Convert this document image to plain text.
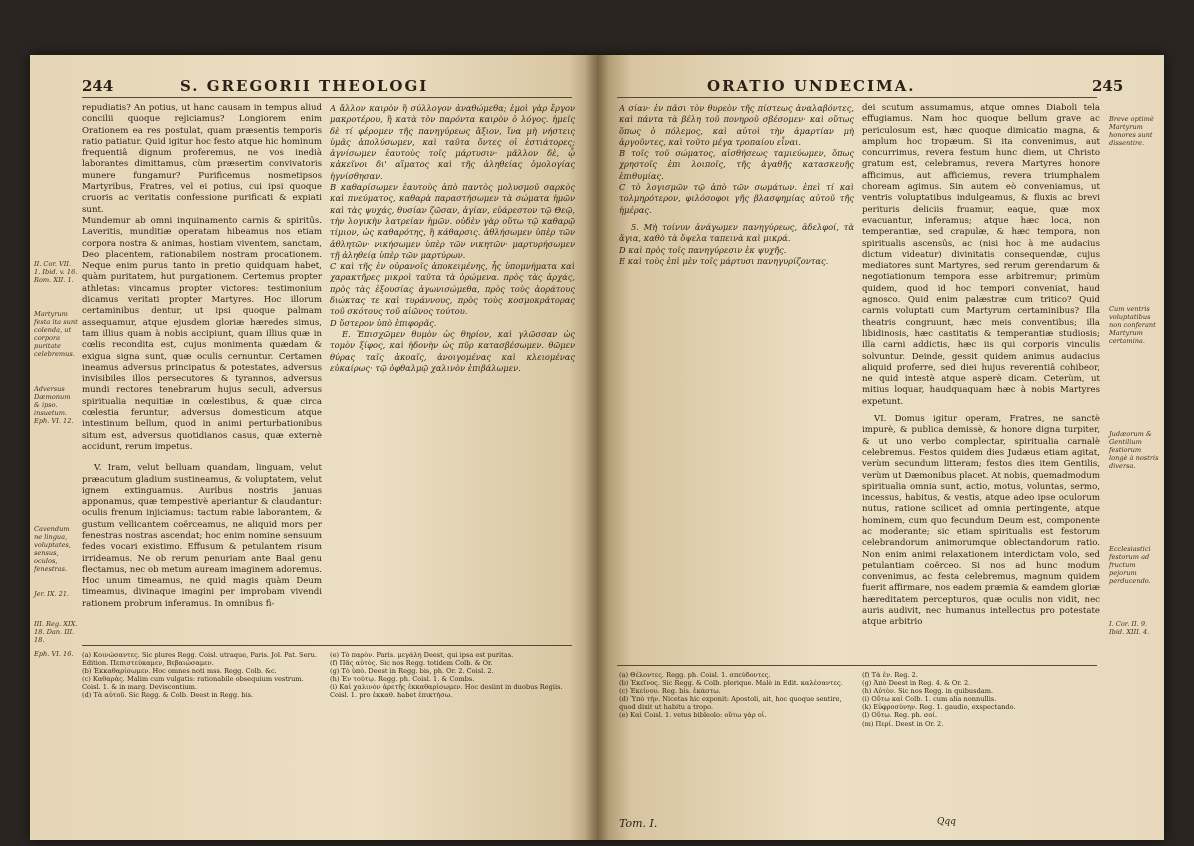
244	S. GREGORII THEOLOGI
II. Cor. VII. 1. Ibid. v. 16. Rom. XII. 1.
Martyrum festa ita sunt colenda, ut corpora puritate celebremus.
Adversus Dæmonum & ipso. insuetum. Eph. VI. 12.
Cavendum ne lingua, voluptates, sensus, oculos, fenestras.
Jer. IX. 21.
III. Reg. XIX. 18. Dan. III. 18.
Eph. VI. 16.

repudiatis? An potius, ut hanc causam in tempus aliud concilii quoque rejiciamus? Longiorem enim Orationem ea res postulat, quam præsentis temporis ratio patiatur. Quid igitur hoc festo atque hic hominum frequentiâ dignum proferemus, ne vos inedià laborantes dimittamus, cùm præsertim convivatoris munere fungamur? Purificemus nosmetipsos Martyribus, Fratres, vel ei potius, cui ipsi quoque cruoris ac veritatis confessione purificati & expiati sunt.

Mundemur ab omni inquinamento carnis & spiritûs. Laveritis, munditiæ operatam hibeamus nos etiam corpora nostra & animas, hostiam viventem, sanctam, Deo placentem, rationabilem nostram procationem. Neque enim purus tanto in pretio quidquam habet, quàm puritatem, hut purgationem. Certemus propter athletas: vincamus propter victores: testimonium dicamus veritati propter Martyres. Hoc illorum certaminibus dentur, ut ipsi quoque palmam assequamur, atque ejusdem gloriæ hæredes simus, tam illius quam à nobis accipiunt, quam illius quæ in cœlis recondita est, cujus monimenta quædam & exigua signa sunt, quæ oculis cernuntur. Certamen ineamus adversus principatus & potestates, adversus invisibiles illos persecutores & tyrannos, adversus mundi rectores tenebrarum hujus seculi, adversus spiritualia nequitiæ in cœlestibus, & quæ circa cœlestia feruntur, adversus domesticum atque intestinum bellum, quod in animi perturbationibus situm est, adversus quotidianos casus, quæ externè accidunt, rerum impetus.

V. Iram, velut belluam quandam, linguam, velut præacutum gladium sustineamus, & voluptatem, velut ignem extinguamus. Auribus nostris januas apponamus, quæ tempestivè aperiantur & claudantur: oculis frenum injiciamus: tactum rabie laborantem, & gustum vellicantem coërceamus, ne aliquid mors per fenestras nostras ascendat; hoc enim nomine sensuum fedes vocari existimo. Effusum & petulantem risum irrideamus. Ne ob rerum penuriam ante Baal genu flectamus, nec ob metum auream imaginem adoremus. Hoc unum timeamus, ne quid magis quàm Deum timeamus, divinaque imagini per improbam vivendi rationem probrum inferamus. In omnibus fi-

A ἄλλον καιρὸν ἢ σύλλογον ἀναθώμεθα; ἐμοὶ γὰρ ἔργον μακροτέρου, ἢ κατὰ τὸν παρόντα καιρὸν ὁ λόγος. ἡμεῖς δὲ τί φέρομεν τῆς πανηγύρεως ἄξιον, ἵνα μὴ νήστεις ὑμᾶς ἀπολύσωμεν, καὶ ταῦτα ὄντες οἱ ἑστιάτορες; ἁγνίσωμεν ἑαυτοὺς τοῖς μάρτυσιν· μᾶλλον δὲ, ᾧ κἀκεῖνοι δι' αἵματος καὶ τῆς ἀληθείας ὁμολογίας ἡγνίσθησαν.

B καθαρίσωμεν ἑαυτοὺς ἀπὸ παντὸς μολυσμοῦ σαρκὸς καὶ πνεύματος, καθαρὰ παραστήσωμεν τὰ σώματα ἡμῶν καὶ τὰς ψυχάς, θυσίαν ζῶσαν, ἁγίαν, εὐάρεστον τῷ Θεῷ, τὴν λογικὴν λατρείαν ἡμῶν. οὐδὲν γὰρ οὕτω τῷ καθαρῷ τίμιον, ὡς καθαρότης, ἢ κάθαρσις. ἀθλήσωμεν ὑπὲρ τῶν ἀθλητῶν· νικήσωμεν ὑπὲρ τῶν νικητῶν· μαρτυρήσωμεν τῇ ἀληθείᾳ ὑπὲρ τῶν μαρτύρων.

C καὶ τῆς ἐν οὐρανοῖς ἀποκειμένης, ἧς ὑπομνήματα καὶ χαρακτῆρες μικροὶ ταῦτα τὰ ὁρώμενα. πρὸς τὰς ἀρχάς, πρὸς τὰς ἐξουσίας ἀγωνισώμεθα, πρὸς τοὺς ἀοράτους διώκτας τε καὶ τυράννους, πρὸς τοὺς κοσμοκράτορας τοῦ σκότους τοῦ αἰῶνος τούτου.

D ὕστερον ὑπὸ ἐπιφορᾶς.

E. Ἐπισχῶμεν θυμὸν ὡς θηρίον, καὶ γλῶσσαν ὡς τομὸν ξίφος, καὶ ἡδονὴν ὡς πῦρ κατασβέσωμεν. θῶμεν θύρας ταῖς ἀκοαῖς, ἀνοιγομένας καὶ κλειομένας εὐκαίρως· τῷ ὀφθαλμῷ χαλινὸν ἐπιβάλωμεν.

(a) Κοινώσαντες. Sic plures Regg. Coisl. utraque, Paris. Jol. Pat. Seru. Edition. Πεπιστεύκαμεν, Βεβαιώσαμεν.
(b) Ἐκκαθαρίσωμεν. Hoc omnes noti mss. Regg. Colb. &c.
(c) Καθαρὰς. Malim cum vulgatis: rationabile obsequium vestrum. Coisl. 1. & in marg. Deviscontium.
(d) Τὰ αὐτοῦ. Sic Regg. & Colb. Deest in Regg. bis.
(e) Τὸ παρὸν. Paris. μεγάλη Deest, qui ipsa est puritas.
(f) Πᾶς αὐτὸς. Sic nos Regg. totidem Colb. & Or.
(g) Τὸ ὑπὸ. Deest in Regg. bis, ph. Or. 2. Coisl. 2.
(h) Ἐν τούτῳ. Regg. ph. Coisl. 1. & Combs.
(i) Καὶ χαλινὸν ἀρετῆς ἐκκαθαρίσωμεν. Hoc desiint in duobus Regiis. Coisl. 1. pro ἐκκαθ. habet ἐπικτήσω.
ORATIO UNDECIMA.	245

A σίαν· ἐν πᾶσι τὸν θυρεὸν τῆς πίστεως ἀναλαβόντες, καὶ πάντα τὰ βέλη τοῦ πονηροῦ σβέσομεν· καὶ οὕτως ὅπως ὁ πόλεμος, καὶ αὐτοὶ τὴν ἁμαρτίαν μὴ ἀργοῦντες, καὶ τοῦτο μέγα τροπαίου εἶναι.

B τοῖς τοῦ σώματος, αἰσθήσεως ταμιεύωμεν, ὅπως χρηστοῖς ἐπι λοιποῖς, τῆς ἀγαθῆς κατασκευῆς ἐπιθυμίας.

C τὸ λογισμῶν τῷ ἀπὸ τῶν σωμάτων. ἐπεὶ τί καὶ τολμηρότερον, φιλόσοφοι γῆς βλασφημίας αὐτοῦ τῆς ἡμέρας.

5. Μὴ τοίνυν ἀνάγωμεν πανηγύρεως, ἀδελφοί, τὰ ἅγια, καθὸ τὰ ὄψελα ταπεινὰ καὶ μικρά.

D καὶ πρὸς τοῖς πανηγύρεσιν ἐκ ψυχῆς.

E καὶ τοὺς ἐπὶ μὲν τοῖς μάρτυσι πανηγυρίζοντας.

dei scutum assumamus, atque omnes Diaboli tela effugiamus. Nam hoc quoque bellum grave ac periculosum est, hæc quoque dimicatio magna, & amplum hoc tropæum. Si ita convenimus, aut concurrimus, revera festum hunc diem, ut Christo gratum est, celebramus, revera Martyres honore afficimus, aut afficiemus, revera triumphalem choream agimus. Sin autem eò conveniamus, ut ventris voluptatibus indulgeamus, & fluxis ac brevi perituris deliciis fruamur, eaque, quæ mox evacuantur, inferamus; atque hæc loca, non temperantiæ, sed crapulæ, & hæc tempora, non spiritualis ascensûs, ac (nisi hoc à me audacius dictum videatur) divinitatis consequendæ, cujus mediatores sunt Martyres, sed rerum gerendarum & negotiationum tempora esse arbitremur; primùm quidem, quod id hoc tempori conveniat, haud agnosco. Quid enim palæstræ cum tritico? Quid carnis voluptati cum Martyrum certaminibus? Illa theatris congruunt, hæc meis conventibus; illa libidinosis, hæc castitatis & temperantiæ studiosis; illa carni addictis, hæc iis qui corporis vinculis solvuntur. Deinde, gessit quidem animus audacius aliquid proferre, sed diei hujus reverentiâ cohibeor, ne quid intestè atque asperè dicam. Ceterùm, ut mitius loquar, haudquaquam hæc à nobis Martyres expetunt.

VI. Domus igitur operam, Fratres, ne sanctè impurè, & publica demissè, & honore digna turpiter, & ut uno verbo complectar, spiritualia carnalè celebremus. Festos quidem dies Judæus etiam agitat, verùm secundum litteram; festos dies item Gentilis, verùm ut Dæmonibus placet. At nobis, quemadmodum spiritualia omnia sunt, actio, motus, voluntas, sermo, incessus, habitus, & vestis, atque adeo ipse oculorum nutus, ratione scilicet ad omnia pertingente, atque hominem, cum quo fecundum Deum est, componente ac moderante; sic etiam spiritualis est festorum celebrandorum animorumque oblectandorum ratio. Non enim animi relaxationem interdictam volo, sed petulantiam coërceo. Si nos ad hunc modum convenimus, ac festa celebremus, magnum quidem fuerit affirmare, nos eadem præmia & eamdem gloriæ hæreditatem percepturos, quæ oculis non vidit, nec auris audivit, nec humanus intellectus pro potestate atque arbitrio

Breve optimè Martyrum honores sunt dissentire.
Cum ventris voluptatibus non conferant Martyrum certamina.
Judæorum & Gentilium festiorum longè à nostris diversa.
Ecclesiastici festorum ad fructum pejorum perducendo.
I. Cor. II. 9. Ibid. XIII. 4.
(a) Θέλοντες. Regg. ph. Coisl. 1. σπεύδοντες.
(b) Ἐκεῖνος. Sic Regg. & Colb. plerique. Malè in Edit. καλέσαντες.
(c) Ἐκείνου. Reg. bis. ἑκάστω.
(d) Ὑπὸ τὴν. Nicetas hic exponit: Apostoli, ait, hoc quoque sentire, quod dixit ut habitu a tropo.
(e) Καὶ Coisl. 1. vetus bibleolo: οὕτω γὰρ οἱ.
(f) Τὰ ἐν. Reg. 2.
(g) Ἀπὸ Deest in Reg. 4. & Or. 2.
(h) Αὐτὸν. Sic nos Regg. in quibusdam.
(i) Οὕτω καὶ Colb. 1. cum alia nonnullis.
(k) Εὐφροσύνην. Reg. 1. gaudio, exspectando.
(l) Οὕτω. Reg. ph. σοί.
(m) Περί. Deest in Or. 2.
Tom. I.	Qqq
